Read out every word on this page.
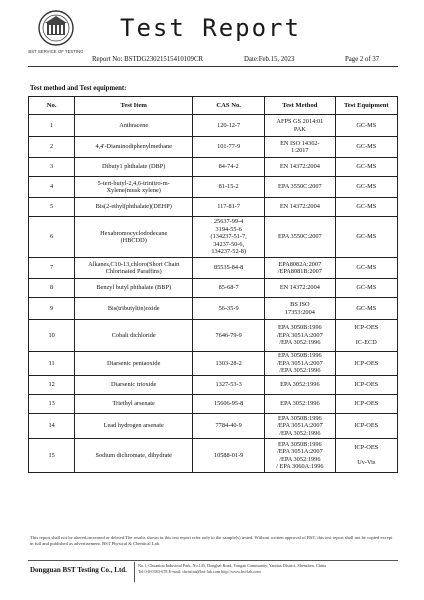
BST SERVICE OF TESTING
Test Report
Report No: BSTDG23021515410109CR	Date:Feb.15, 2023	Page 2 of 37
Test method and Test equipment:
No.	Test Item	CAS No.	Test Method	Test Equipment
1	Anthracene	120-12-7	AFPS GS 2014:01
PAK	GC-MS

2	4,4'-Diaminodiphenylmethane	101-77-9	EN ISO 14362-
1:2017	GC-MS

3	Dibuty1 phthalate (DBP)	84-74-2	EN 14372:2004	GC-MS

4	5-tert-butyl-2,4,6-trinitro-m-
Xylene(musk xylene)	81-15-2	EPA 3550C:2007	GC-MS

5	Bis(2-ethyl(phthalate)(DEHP)	117-81-7	EN 14372:2004	GC-MS

6	Hexabromocyclododecane
(HBCDD)	25637-99-4
3194-55-6
(134237-51-7,
34237-50-6,
134237-52-8)	EPA 3550C:2007	GC-MS

7	Alkanes,C10-13,chloro(Short Chain
Chlorinated Paraffins)	85535-84-8	EPA8082A:2007
/EPA8081B:2007	GC-MS

8	Benzyl butyl phthalate (BBP)	85-68-7	EN 14372:2004	GC-MS

9	Bis(tributyltin)oxide	56-35-9	BS ISO
17353:2004	GC-MS

10	Cobalt dichloride	7646-79-9	EPA 3050B:1996
/EPA 3051A:2007
/EPA 3052:1996	ICP-OES

IC-ECD

11	Diarsenic pentaoxide	1303-28-2	EPA 3050B:1996
/EPA 3051A:2007
/EPA 3052:1996	ICP-OES

12	Diarsenic trioxide	1327-53-3	EPA 3052:1996	ICP-OES

13	Triethyl arsenate	15606-95-8	EPA 3052:1996	ICP-OES

14	Lead hydrogen arsenate	7784-40-9	EPA 3050B:1996
/EPA 3051A:2007
/EPA 3052:1996	ICP-OES

15	Sodium dichromate, dihydrate	10588-01-9	EPA 3050B:1996
/EPA 3051A:2007
/EPA 3052:1996
/ EPA 3060A:1996	ICP-OES

Uv-Vis
This report shall not be altered,increased or deleted.The results shown in this test report refer only to the sample(s) tested. Without written approval of BST, this test report shall not be copied except in full and published as advertisement. BST Physical & Chemical Lab.
Dongguan BST Testing Co., Ltd.
No.1, Chuantou Industrial Park, No.145, Donghai Road, Yongan Community, Yantian District, Shenzhen, China
Tel:0-8-0383-678 E-mail: christina@bst-lab.com http://www.bst-lab.com
